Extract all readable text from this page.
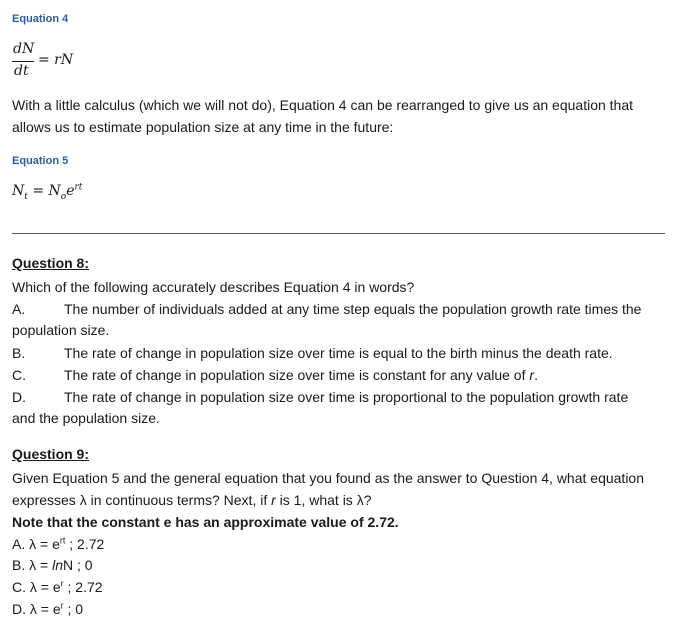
Equation 4
dN
dt
= rN
With a little calculus (which we will not do), Equation 4 can be rearranged to give us an equation that
allows us to estimate population size at any time in the future:
Equation 5
$N_t = N_oe^{rt}$
Question 8:
Which of the following accurately describes Equation 4 in words?
A.	The number of individuals added at any time step equals the population growth rate times the
population size.
B.	The rate of change in population size over time is equal to the birth minus the death rate.
C.	The rate of change in population size over time is constant for any value of r.
D.	The rate of change in population size over time is proportional to the population growth rate
and the population size.
Question 9:
Given Equation 5 and the general equation that you found as the answer to Question 4, what equation
expresses λ in continuous terms? Next, if r is 1, what is λ?
Note that the constant e has an approximate value of 2.72.
A. $\lambda = e^{rt}$ ; 2.72
B. λ = lnN ; 0
C. $\lambda = e^r$ ; 2.72
D. $\lambda = e^r$ ; 0
